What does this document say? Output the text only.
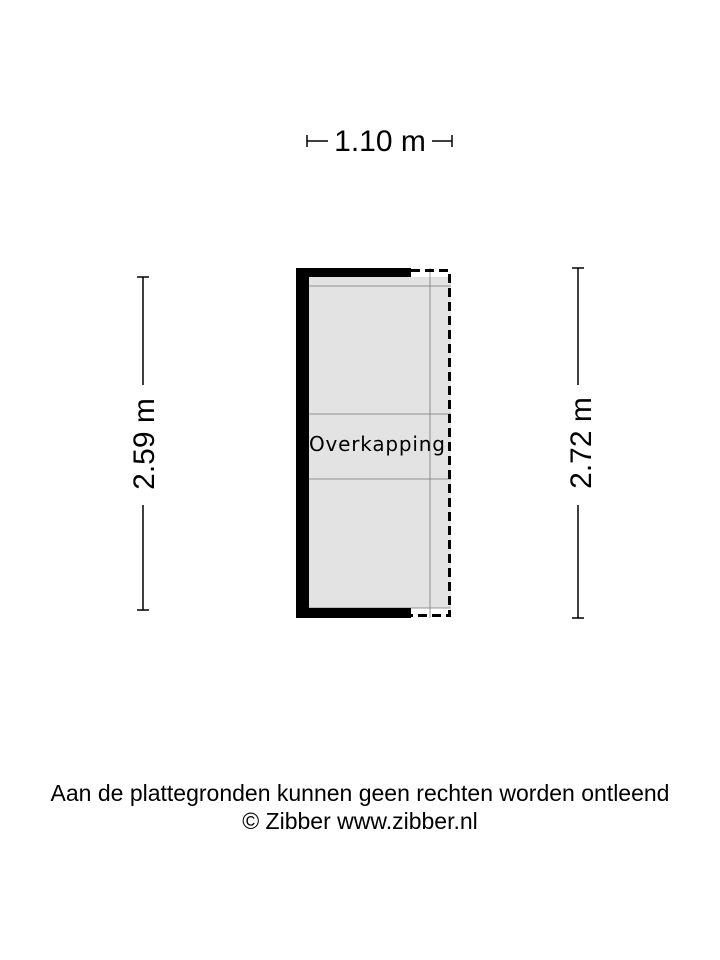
1.10 m
2.59 m	2.72 m
Overkapping
Aan de plattegronden kunnen geen rechten worden ontleend
© Zibber www.zibber.nl
